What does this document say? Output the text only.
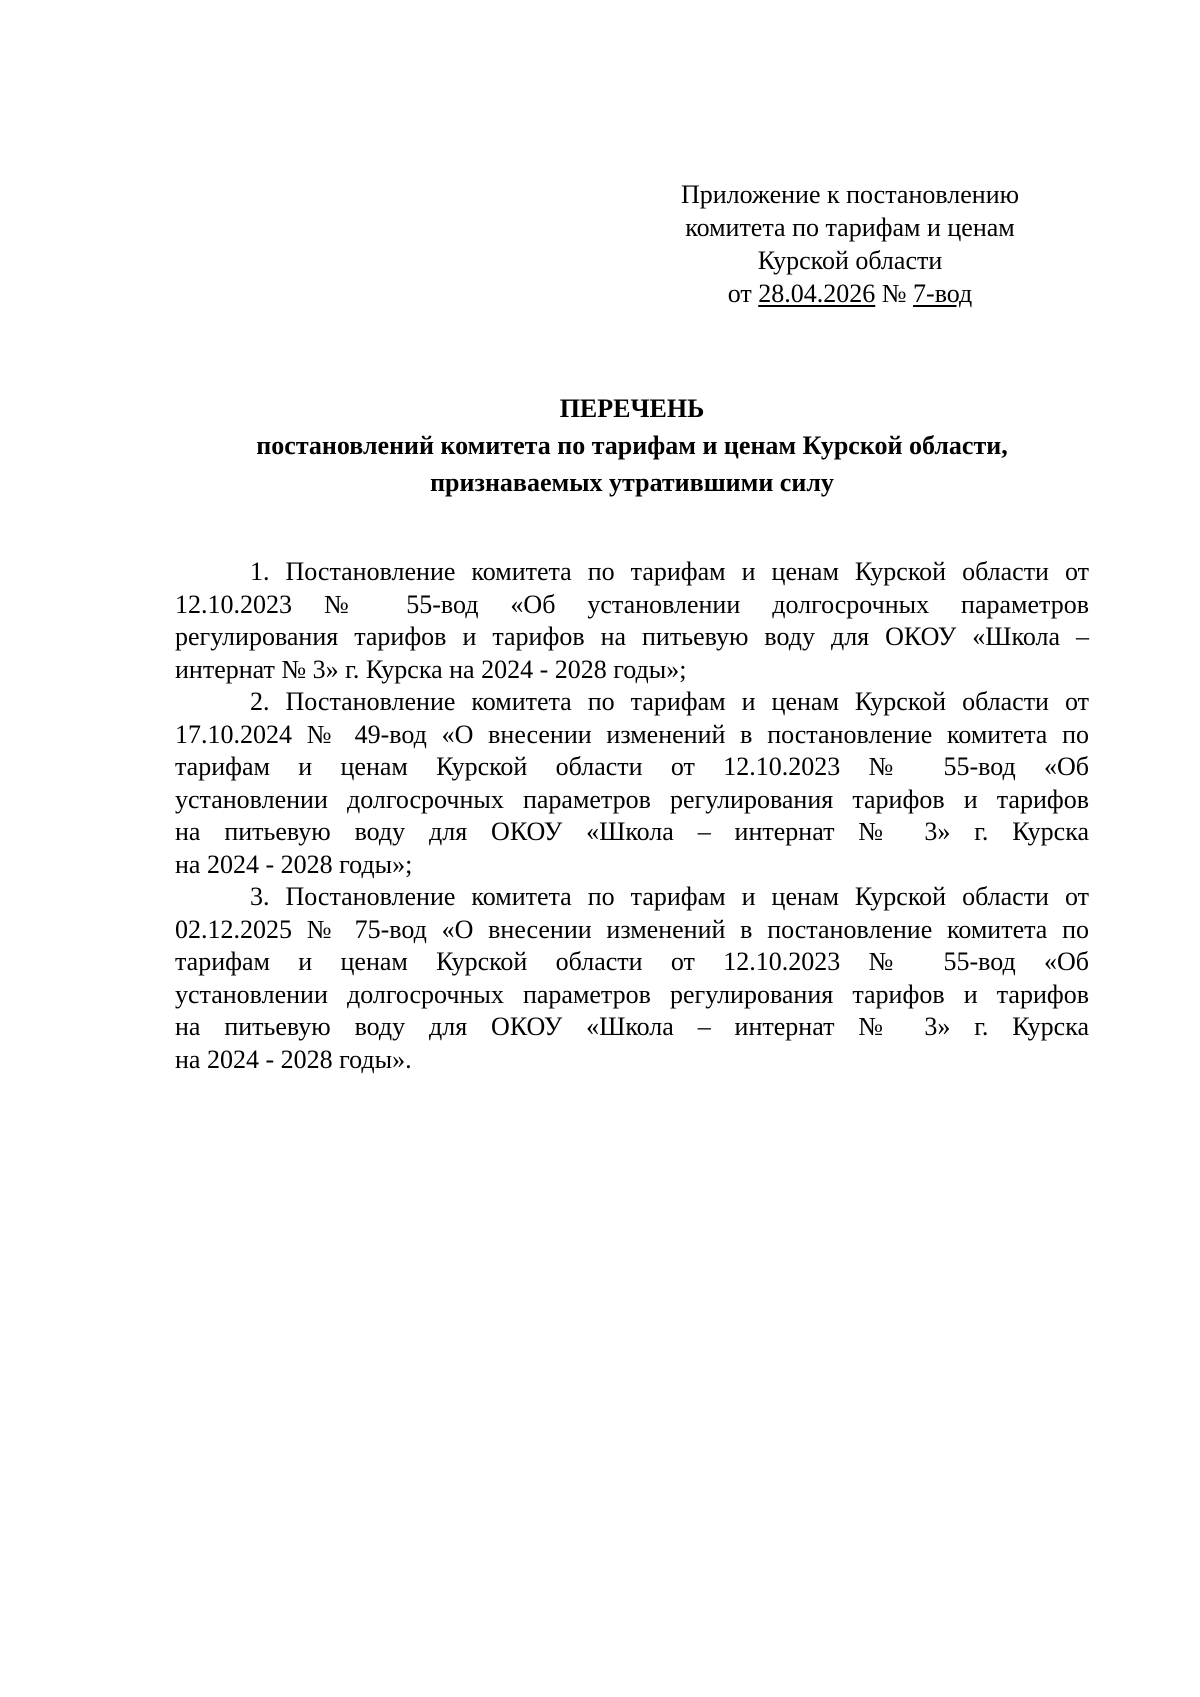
Приложение к постановлению
комитета по тарифам и ценам
Курской области
от 28.04.2026 № 7-вод
ПЕРЕЧЕНЬ
постановлений комитета по тарифам и ценам Курской области,
признаваемых утратившими силу
1. Постановление комитета по тарифам и ценам Курской области от
12.10.2023 № 55-вод «Об установлении долгосрочных параметров
регулирования тарифов и тарифов на питьевую воду для ОКОУ «Школа –
интернат № 3» г. Курска на 2024 - 2028 годы»;
2. Постановление комитета по тарифам и ценам Курской области от
17.10.2024 № 49-вод «О внесении изменений в постановление комитета по
тарифам и ценам Курской области от 12.10.2023 № 55-вод «Об
установлении долгосрочных параметров регулирования тарифов и тарифов
на питьевую воду для ОКОУ «Школа – интернат № 3» г. Курска
на 2024 - 2028 годы»;
3. Постановление комитета по тарифам и ценам Курской области от
02.12.2025 № 75-вод «О внесении изменений в постановление комитета по
тарифам и ценам Курской области от 12.10.2023 № 55-вод «Об
установлении долгосрочных параметров регулирования тарифов и тарифов
на питьевую воду для ОКОУ «Школа – интернат № 3» г. Курска
на 2024 - 2028 годы».
